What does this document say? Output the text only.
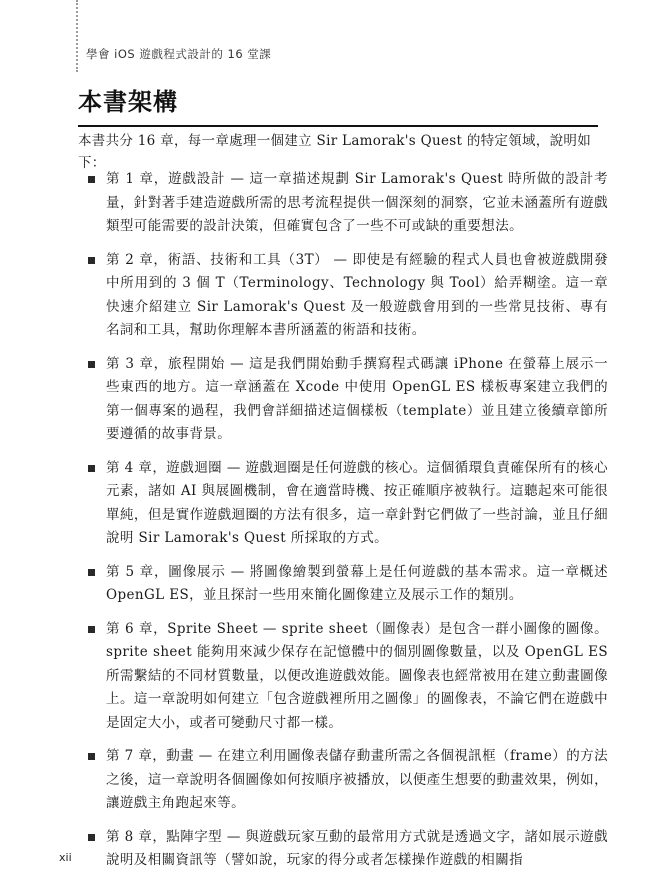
學會 iOS 遊戲程式設計的 16 堂課
本書架構
本書共分 16 章，每一章處理一個建立 Sir Lamorak's Quest 的特定領域，說明如下：
第 1 章，遊戲設計 — 這一章描述規劃 Sir Lamorak's Quest 時所做的設計考量，針對著手建造遊戲所需的思考流程提供一個深刻的洞察，它並未涵蓋所有遊戲類型可能需要的設計決策，但確實包含了一些不可或缺的重要想法。
第 2 章，術語、技術和工具（3T） — 即使是有經驗的程式人員也會被遊戲開發中所用到的 3 個 T（Terminology、Technology 與 Tool）給弄糊塗。這一章快速介紹建立 Sir Lamorak's Quest 及一般遊戲會用到的一些常見技術、專有名詞和工具，幫助你理解本書所涵蓋的術語和技術。
第 3 章，旅程開始 — 這是我們開始動手撰寫程式碼讓 iPhone 在螢幕上展示一些東西的地方。這一章涵蓋在 Xcode 中使用 OpenGL ES 樣板專案建立我們的第一個專案的過程，我們會詳細描述這個樣板（template）並且建立後續章節所要遵循的故事背景。
第 4 章，遊戲迴圈 — 遊戲迴圈是任何遊戲的核心。這個循環負責確保所有的核心元素，諸如 AI 與展圖機制，會在適當時機、按正確順序被執行。這聽起來可能很單純，但是實作遊戲迴圈的方法有很多，這一章針對它們做了一些討論，並且仔細說明 Sir Lamorak's Quest 所採取的方式。
第 5 章，圖像展示 — 將圖像繪製到螢幕上是任何遊戲的基本需求。這一章概述 OpenGL ES，並且探討一些用來簡化圖像建立及展示工作的類別。
第 6 章，Sprite Sheet — sprite sheet（圖像表）是包含一群小圖像的圖像。sprite sheet 能夠用來減少保存在記憶體中的個別圖像數量，以及 OpenGL ES 所需繫結的不同材質數量，以便改進遊戲效能。圖像表也經常被用在建立動畫圖像上。這一章說明如何建立「包含遊戲裡所用之圖像」的圖像表，不論它們在遊戲中是固定大小，或者可變動尺寸都一樣。
第 7 章，動畫 — 在建立利用圖像表儲存動畫所需之各個視訊框（frame）的方法之後，這一章說明各個圖像如何按順序被播放，以便產生想要的動畫效果，例如，讓遊戲主角跑起來等。
第 8 章，點陣字型 — 與遊戲玩家互動的最常用方式就是透過文字，諸如展示遊戲說明及相關資訊等（譬如說，玩家的得分或者怎樣操作遊戲的相關指
xii
